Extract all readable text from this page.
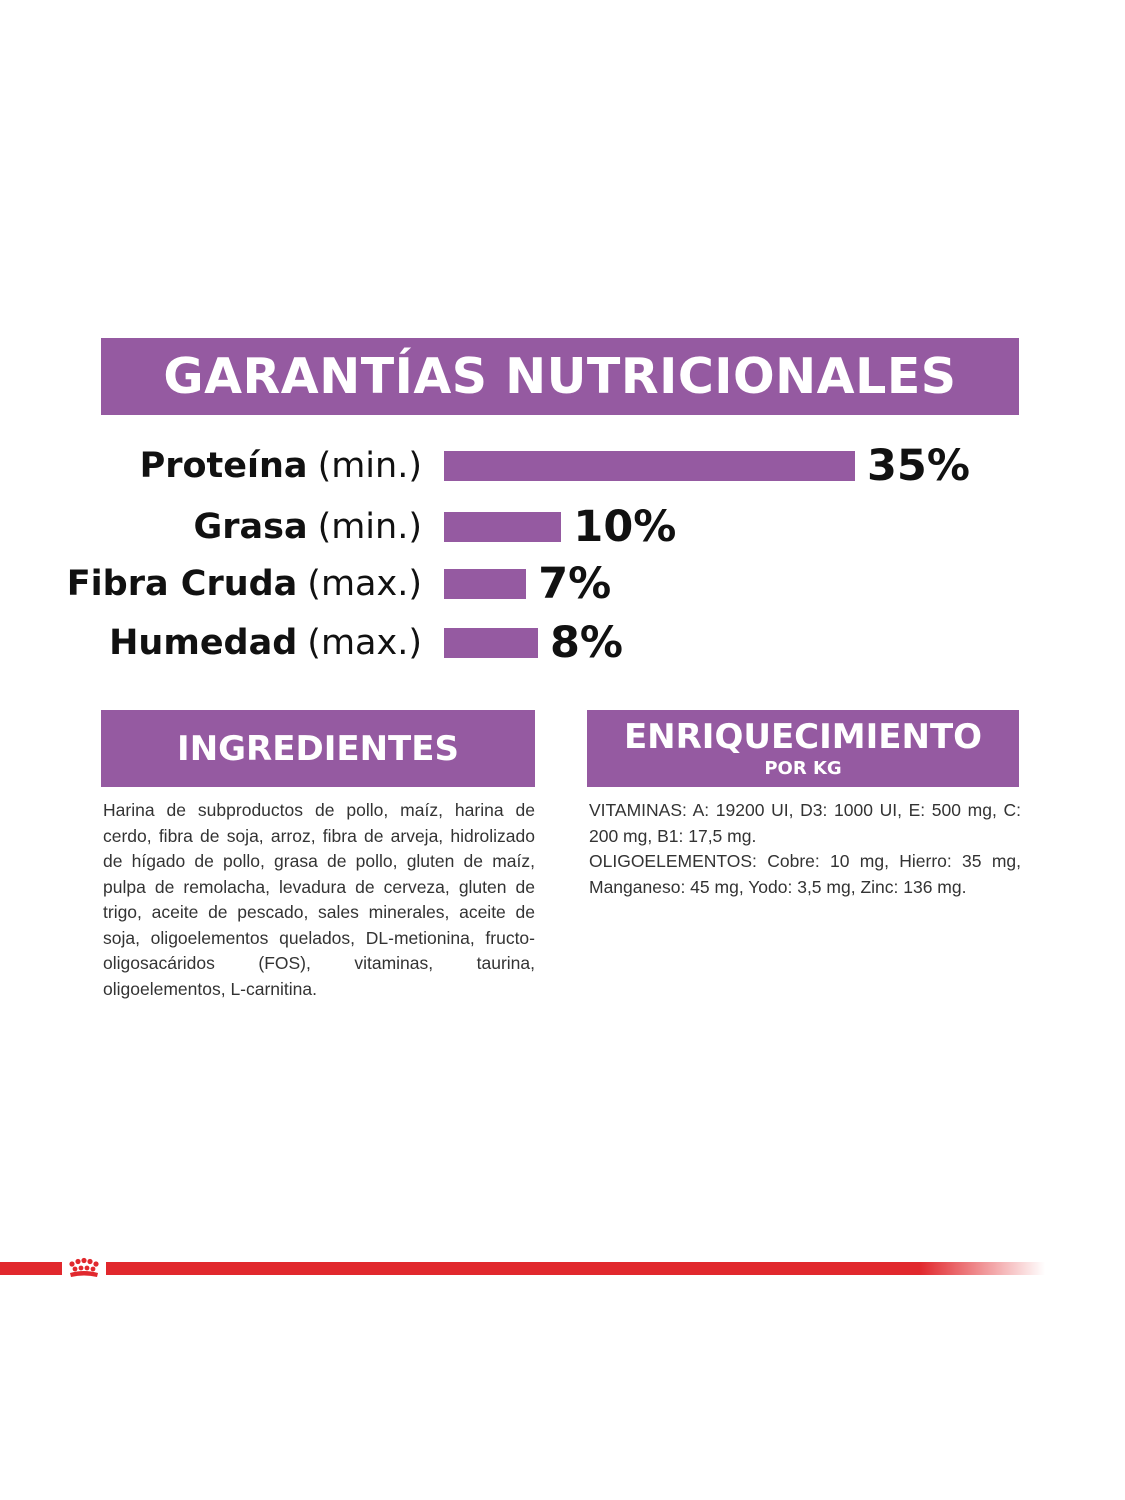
GARANTÍAS NUTRICIONALES
Proteína (min.)	35%
Grasa (min.)	10%
Fibra Cruda (max.)	7%
Humedad (max.)	8%
INGREDIENTES
Harina de subproductos de pollo, maíz, harina de cerdo, fibra de soja, arroz, fibra de arveja, hidrolizado de hígado de pollo, grasa de pollo, gluten de maíz, pulpa de remolacha, levadura de cerveza, gluten de trigo, aceite de pescado, sales minerales, aceite de soja, oligoelementos quelados, DL-metionina, fructo-oligosacáridos (FOS), vitaminas, taurina, oligoelementos, L-carnitina.
ENRIQUECIMIENTO
POR KG

VITAMINAS: A: 19200 UI, D3: 1000 UI, E: 500 mg, C: 200 mg, B1: 17,5 mg.

OLIGOELEMENTOS: Cobre: 10 mg, Hierro: 35 mg, Manganeso: 45 mg, Yodo: 3,5 mg, Zinc: 136 mg.
